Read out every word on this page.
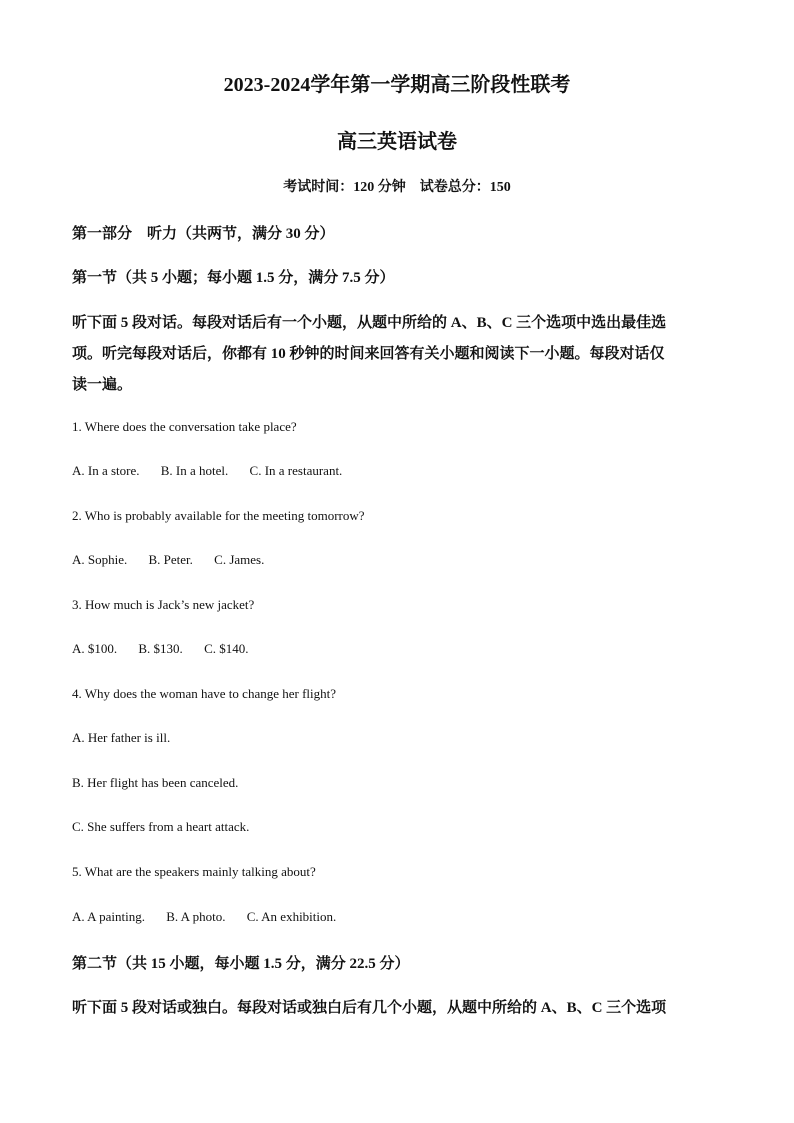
2023-2024学年第一学期高三阶段性联考
高三英语试卷
考试时间：120 分钟　试卷总分：150
第一部分　听力（共两节，满分 30 分）
第一节（共 5 小题；每小题 1.5 分，满分 7.5 分）
听下面 5 段对话。每段对话后有一个小题，从题中所给的 A、B、C 三个选项中选出最佳选
项。听完每段对话后，你都有 10 秒钟的时间来回答有关小题和阅读下一小题。每段对话仅
读一遍。
1. Where does the conversation take place?
A. In a store. B. In a hotel. C. In a restaurant.
2. Who is probably available for the meeting tomorrow?
A. Sophie. B. Peter. C. James.
3. How much is Jack’s new jacket?
A. $100. B. $130. C. $140.
4. Why does the woman have to change her flight?
A. Her father is ill.
B. Her flight has been canceled.
C. She suffers from a heart attack.
5. What are the speakers mainly talking about?
A. A painting. B. A photo. C. An exhibition.
第二节（共 15 小题，每小题 1.5 分，满分 22.5 分）
听下面 5 段对话或独白。每段对话或独白后有几个小题，从题中所给的 A、B、C 三个选项
